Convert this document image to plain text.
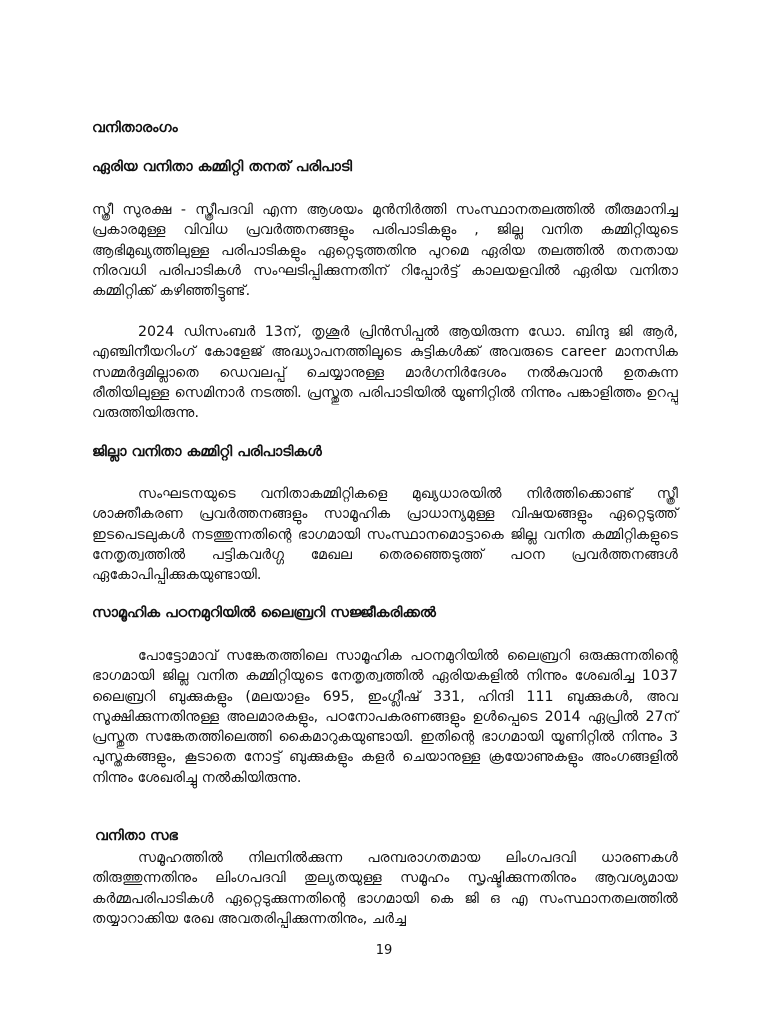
വനിതാരംഗം
ഏരിയ വനിതാ കമ്മിറ്റി തനത് പരിപാടി

സ്ത്രീ സുരക്ഷ - സ്ത്രീപദവി എന്ന ആശയം മുൻനിർത്തി സംസ്ഥാനതലത്തിൽ തീരുമാനിച്ച പ്രകാരമുള്ള വിവിധ പ്രവർത്തനങ്ങളും പരിപാടികളും , ജില്ല വനിത കമ്മിറ്റിയുടെ ആഭിമുഖ്യത്തിലുള്ള പരിപാടികളും ഏറ്റെടുത്തതിനു പുറമെ ഏരിയ തലത്തിൽ തനതായ നിരവധി പരിപാടികൾ സംഘടിപ്പിക്കുന്നതിന് റിപ്പോർട്ട് കാലയളവിൽ ഏരിയ വനിതാ കമ്മിറ്റിക്ക് കഴിഞ്ഞിട്ടുണ്ട്.

2024 ഡിസംബർ 13ന്, തൃശൂർ പ്രിൻസിപ്പൽ ആയിരുന്ന ഡോ. ബിന്ദു ജി ആർ, എഞ്ചിനീയറിംഗ് കോളേജ് അദ്ധ്യാപനത്തിലൂടെ കുട്ടികൾക്ക് അവരുടെ career മാനസിക സമ്മർദ്ദമില്ലാതെ ഡെവലപ്പ് ചെയ്യാനുള്ള മാർഗനിർദേശം നൽകുവാൻ ഉതകുന്ന രീതിയിലുള്ള സെമിനാർ നടത്തി. പ്രസ്തുത പരിപാടിയിൽ യൂണിറ്റിൽ നിന്നും പങ്കാളിത്തം ഉറപ്പു വരുത്തിയിരുന്നു.

ജില്ലാ വനിതാ കമ്മിറ്റി പരിപാടികൾ

സംഘടനയുടെ വനിതാകമ്മിറ്റികളെ മുഖ്യധാരയിൽ നിർത്തിക്കൊണ്ട് സ്ത്രീ ശാക്തീകരണ പ്രവർത്തനങ്ങളും സാമൂഹിക പ്രാധാന്യമുള്ള വിഷയങ്ങളും ഏറ്റെടുത്ത് ഇടപെടലുകൾ നടത്തുന്നതിന്റെ ഭാഗമായി സംസ്ഥാനമൊട്ടാകെ ജില്ല വനിത കമ്മിറ്റികളുടെ നേതൃത്വത്തിൽ പട്ടികവർഗ്ഗ മേഖല തെരഞ്ഞെടുത്ത് പഠന പ്രവർത്തനങ്ങൾ ഏകോപിപ്പിക്കുകയുണ്ടായി.

സാമൂഹിക പഠനമുറിയിൽ ലൈബ്രറി സജ്ജീകരിക്കൽ

പോട്ടോമാവ് സങ്കേതത്തിലെ സാമൂഹിക പഠനമുറിയിൽ ലൈബ്രറി ഒരുക്കുന്നതിന്റെ ഭാഗമായി ജില്ല വനിത കമ്മിറ്റിയുടെ നേതൃത്വത്തിൽ ഏരിയകളിൽ നിന്നും ശേഖരിച്ച 1037 ലൈബ്രറി ബുക്കുകളും (മലയാളം 695, ഇംഗ്ലീഷ് 331, ഹിന്ദി 111 ബുക്കുകൾ, അവ സൂക്ഷിക്കുന്നതിനുള്ള അലമാരകളും, പഠനോപകരണങ്ങളും ഉൾപ്പെടെ 2014 ഏപ്രിൽ 27ന് പ്രസ്തുത സങ്കേതത്തിലെത്തി കൈമാറുകയുണ്ടായി. ഇതിന്റെ ഭാഗമായി യൂണിറ്റിൽ നിന്നും 3 പുസ്തകങ്ങളും, കൂടാതെ നോട്ട് ബുക്കുകളും കളർ ചെയാനുള്ള ക്രയോണുകളും അംഗങ്ങളിൽ നിന്നും ശേഖരിച്ചു നൽകിയിരുന്നു.

വനിതാ സഭ

സമൂഹത്തിൽ നിലനിൽക്കുന്ന പരമ്പരാഗതമായ ലിംഗപദവി ധാരണകൾ തിരുത്തുന്നതിനും ലിംഗപദവി തുല്യതയുള്ള സമൂഹം സൃഷ്ടിക്കുന്നതിനും ആവശ്യമായ കർമ്മപരിപാടികൾ ഏറ്റെടുക്കുന്നതിന്റെ ഭാഗമായി കെ ജി ഒ എ സംസ്ഥാനതലത്തിൽ തയ്യാറാക്കിയ രേഖ അവതരിപ്പിക്കുന്നതിനും, ചർച്ച

19
